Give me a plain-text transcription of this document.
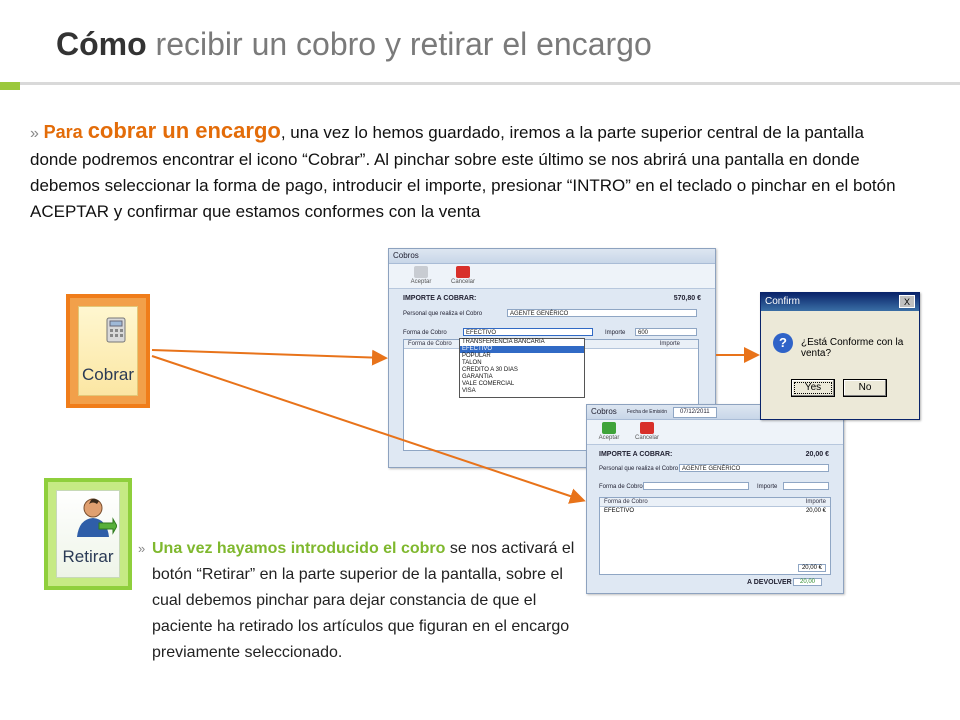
Cómo recibir un cobro y retirar el encargo
» Para cobrar un encargo, una vez lo hemos guardado, iremos a la parte superior central de la pantalla donde podremos encontrar el icono “Cobrar”. Al pinchar sobre este último se nos abrirá una pantalla en donde debemos seleccionar la forma de pago, introducir el importe, presionar “INTRO” en el teclado o pinchar en el botón ACEPTAR y confirmar que estamos conformes con la venta
Cobrar
Retirar
Cobros
Aceptar	Cancelar
IMPORTE A COBRAR:	570,80 €
Personal que realiza el Cobro	AGENTE GENÉRICO
Forma de Cobro	EFECTIVO	Importe	600
Forma de Cobro	Importe
TRANSFERENCIA BANCARIA
EFECTIVO
POPULAR
TALON
CREDITO A 30 DIAS
GARANTIA
VALE COMERCIAL
VISA
Cobros Fecha de Emisión	07/12/2011
Aceptar	Cancelar
IMPORTE A COBRAR:	20,00 €
Personal que realiza el Cobro AGENTE GENÉRICO
Forma de Cobro	Importe
Forma de Cobro	Importe
EFECTIVO	20,00 €
20,00 €
A DEVOLVER	20,00
Confirm	X
?	¿Está Conforme con la venta?
Yes	No
» Una vez hayamos introducido el cobro se nos activará el botón “Retirar” en la parte superior de la pantalla, sobre el cual debemos pinchar para dejar constancia de que el paciente ha retirado los artículos que figuran en el encargo previamente seleccionado.
